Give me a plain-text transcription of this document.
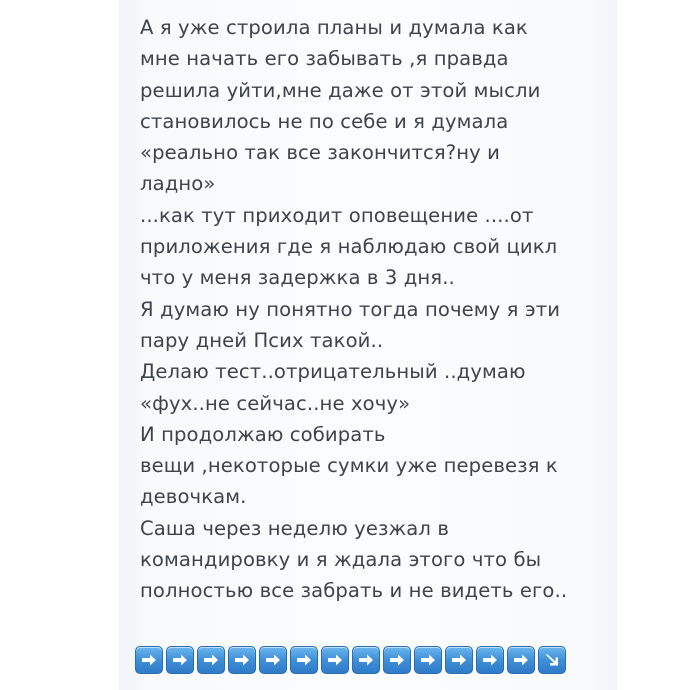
А я уже строила планы и думала как
мне начать его забывать ,я правда
решила уйти,мне даже от этой мысли
становилось не по себе и я думала
«реально так все закончится?ну и
ладно»
...как тут приходит оповещение ....от
приложения где я наблюдаю свой цикл
что у меня задержка в 3 дня..
Я думаю ну понятно тогда почему я эти
пару дней Псих такой..
Делаю тест..отрицательный ..думаю
«фух..не сейчас..не хочу»
И продолжаю собирать
вещи ,некоторые сумки уже перевезя к
девочкам.
Саша через неделю уезжал в
командировку и я ждала этого что бы
полностью все забрать и не видеть его..
